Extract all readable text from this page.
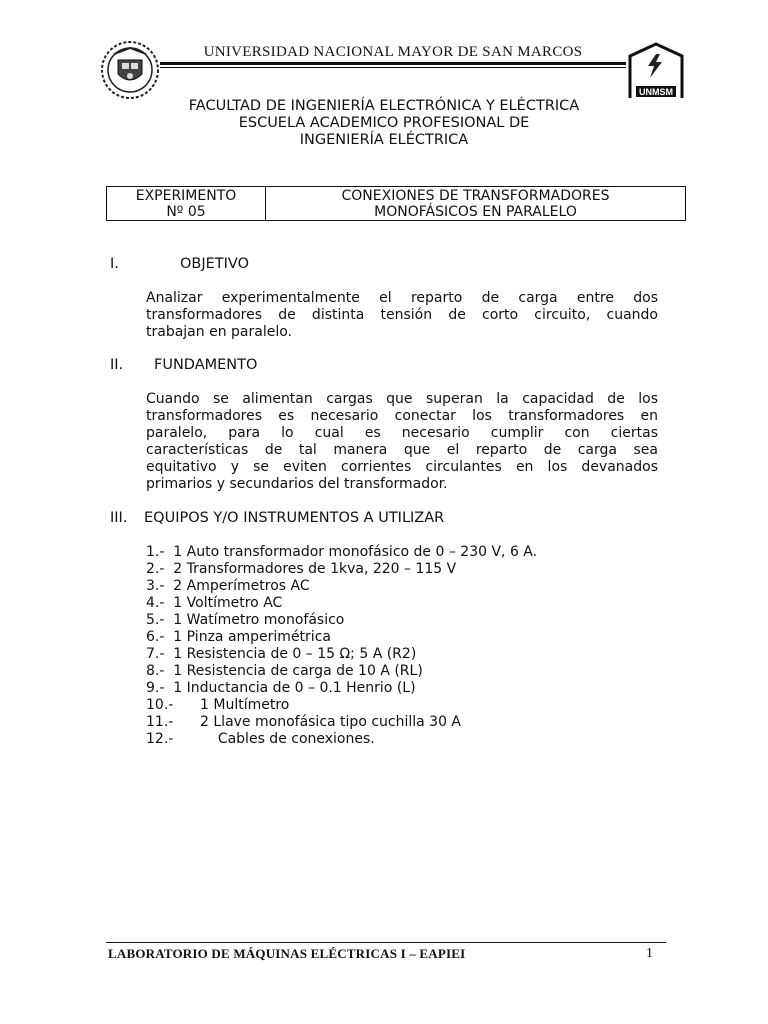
UNIVERSIDAD NACIONAL MAYOR DE SAN MARCOS
UNMSM
FACULTAD DE INGENIERÍA ELECTRÓNICA Y ELÉCTRICA
ESCUELA ACADEMICO PROFESIONAL DE
INGENIERÍA ELÉCTRICA
EXPERIMENTO
Nº 05
CONEXIONES DE TRANSFORMADORES
MONOFÁSICOS EN PARALELO
I.	OBJETIVO
Analizar experimentalmente el reparto de carga entre dos
transformadores de distinta tensión de corto circuito, cuando
trabajan en paralelo.
II. FUNDAMENTO
Cuando se alimentan cargas que superan la capacidad de los
transformadores es necesario conectar los transformadores en
paralelo, para lo cual es necesario cumplir con ciertas
características de tal manera que el reparto de carga sea
equitativo y se eviten corrientes circulantes en los devanados
primarios y secundarios del transformador.
III. EQUIPOS Y/O INSTRUMENTOS A UTILIZAR
1.-  1 Auto transformador monofásico de 0 – 230 V, 6 A.
2.-  2 Transformadores de 1kva, 220 – 115 V
3.-  2 Amperímetros AC
4.-  1 Voltímetro AC
5.-  1 Watímetro monofásico
6.-  1 Pinza amperimétrica
7.-  1 Resistencia de 0 – 15 Ω; 5 A (R2)
8.-  1 Resistencia de carga de 10 A (RL)
9.-  1 Inductancia de 0 – 0.1 Henrio (L)
10.-      1 Multímetro
11.-      2 Llave monofásica tipo cuchilla 30 A
12.-          Cables de conexiones.
LABORATORIO DE MÁQUINAS ELÉCTRICAS I – EAPIEI	1
